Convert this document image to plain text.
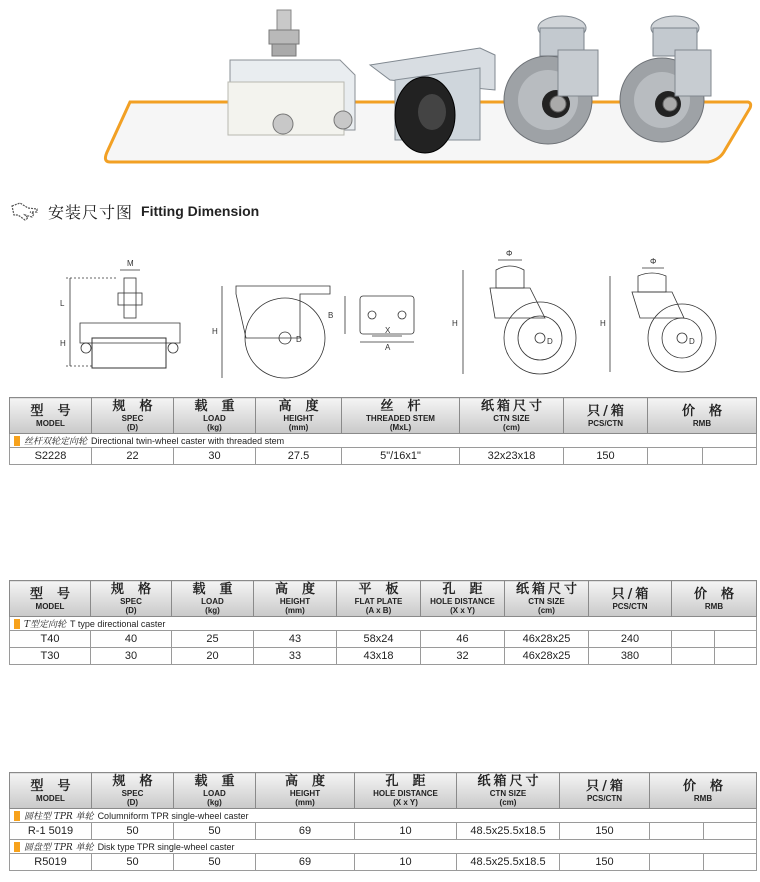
安装尺寸图 Fitting Dimension
M
L
H
H
D
B
X
A
H
D
Φ
H
D
Φ
型号
MODEL	规格
SPEC
(D)	载重
LOAD
(kg)	高度
HEIGHT
(mm)	丝杆
THREADED STEM
(MxL)	纸箱尺寸
CTN SIZE
(cm)	只/箱
PCS/CTN	价格
RMB

丝杆双轮定向轮 Directional twin-wheel caster with threaded stem							
S2228	22	30	27.5	5"/16x1"	32x23x18	150	
型号
MODEL	规格
SPEC
(D)	载重
LOAD
(kg)	高度
HEIGHT
(mm)	平板
FLAT PLATE
(A x B)	孔距
HOLE DISTANCE
(X x Y)	纸箱尺寸
CTN SIZE
(cm)	只/箱
PCS/CTN	价格
RMB

T型定向轮 T type directional caster								
T40	40	25	43	58x24	46	46x28x25	240	

T30	30	20	33	43x18	32	46x28x25	380	
型号
MODEL	规格
SPEC
(D)	载重
LOAD
(kg)	高度
HEIGHT
(mm)	孔距
HOLE DISTANCE
(X x Y)	纸箱尺寸
CTN SIZE
(cm)	只/箱
PCS/CTN	价格
RMB

圆柱型 TPR 单轮 Columniform TPR single-wheel caster							
R-1 5019	50	50	69	10	48.5x25.5x18.5	150	

圆盘型 TPR 单轮 Disk type TPR single-wheel caster							
R5019	50	50	69	10	48.5x25.5x18.5	150	
